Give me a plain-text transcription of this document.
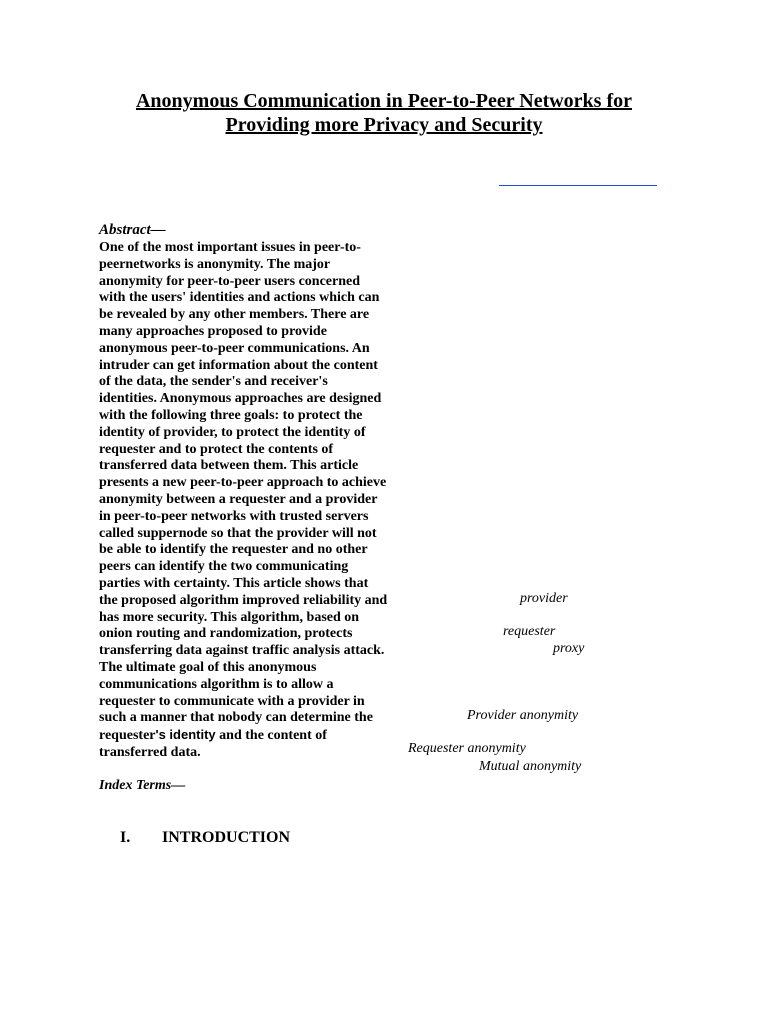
Anonymous Communication in Peer-to-Peer Networks for
Providing more Privacy and Security
Abstract—
One of the most important issues in peer-to-
peernetworks is anonymity. The major
anonymity for peer-to-peer users concerned
with the users' identities and actions which can
be revealed by any other members. There are
many approaches proposed to provide
anonymous peer-to-peer communications. An
intruder can get information about the content
of the data, the sender's and receiver's
identities. Anonymous approaches are designed
with the following three goals: to protect the
identity of provider, to protect the identity of
requester and to protect the contents of
transferred data between them. This article
presents a new peer-to-peer approach to achieve
anonymity between a requester and a provider
in peer-to-peer networks with trusted servers
called suppernode so that the provider will not
be able to identify the requester and no other
peers can identify the two communicating
parties with certainty. This article shows that
the proposed algorithm improved reliability and
has more security. This algorithm, based on
onion routing and randomization, protects
transferring data against traffic analysis attack.
The ultimate goal of this anonymous
communications algorithm is to allow a
requester to communicate with a provider in
such a manner that nobody can determine the
requester's identity and the content of
transferred data.
Index Terms—
I. INTRODUCTION
provider
requester
proxy
Provider anonymity
Requester anonymity
Mutual anonymity
